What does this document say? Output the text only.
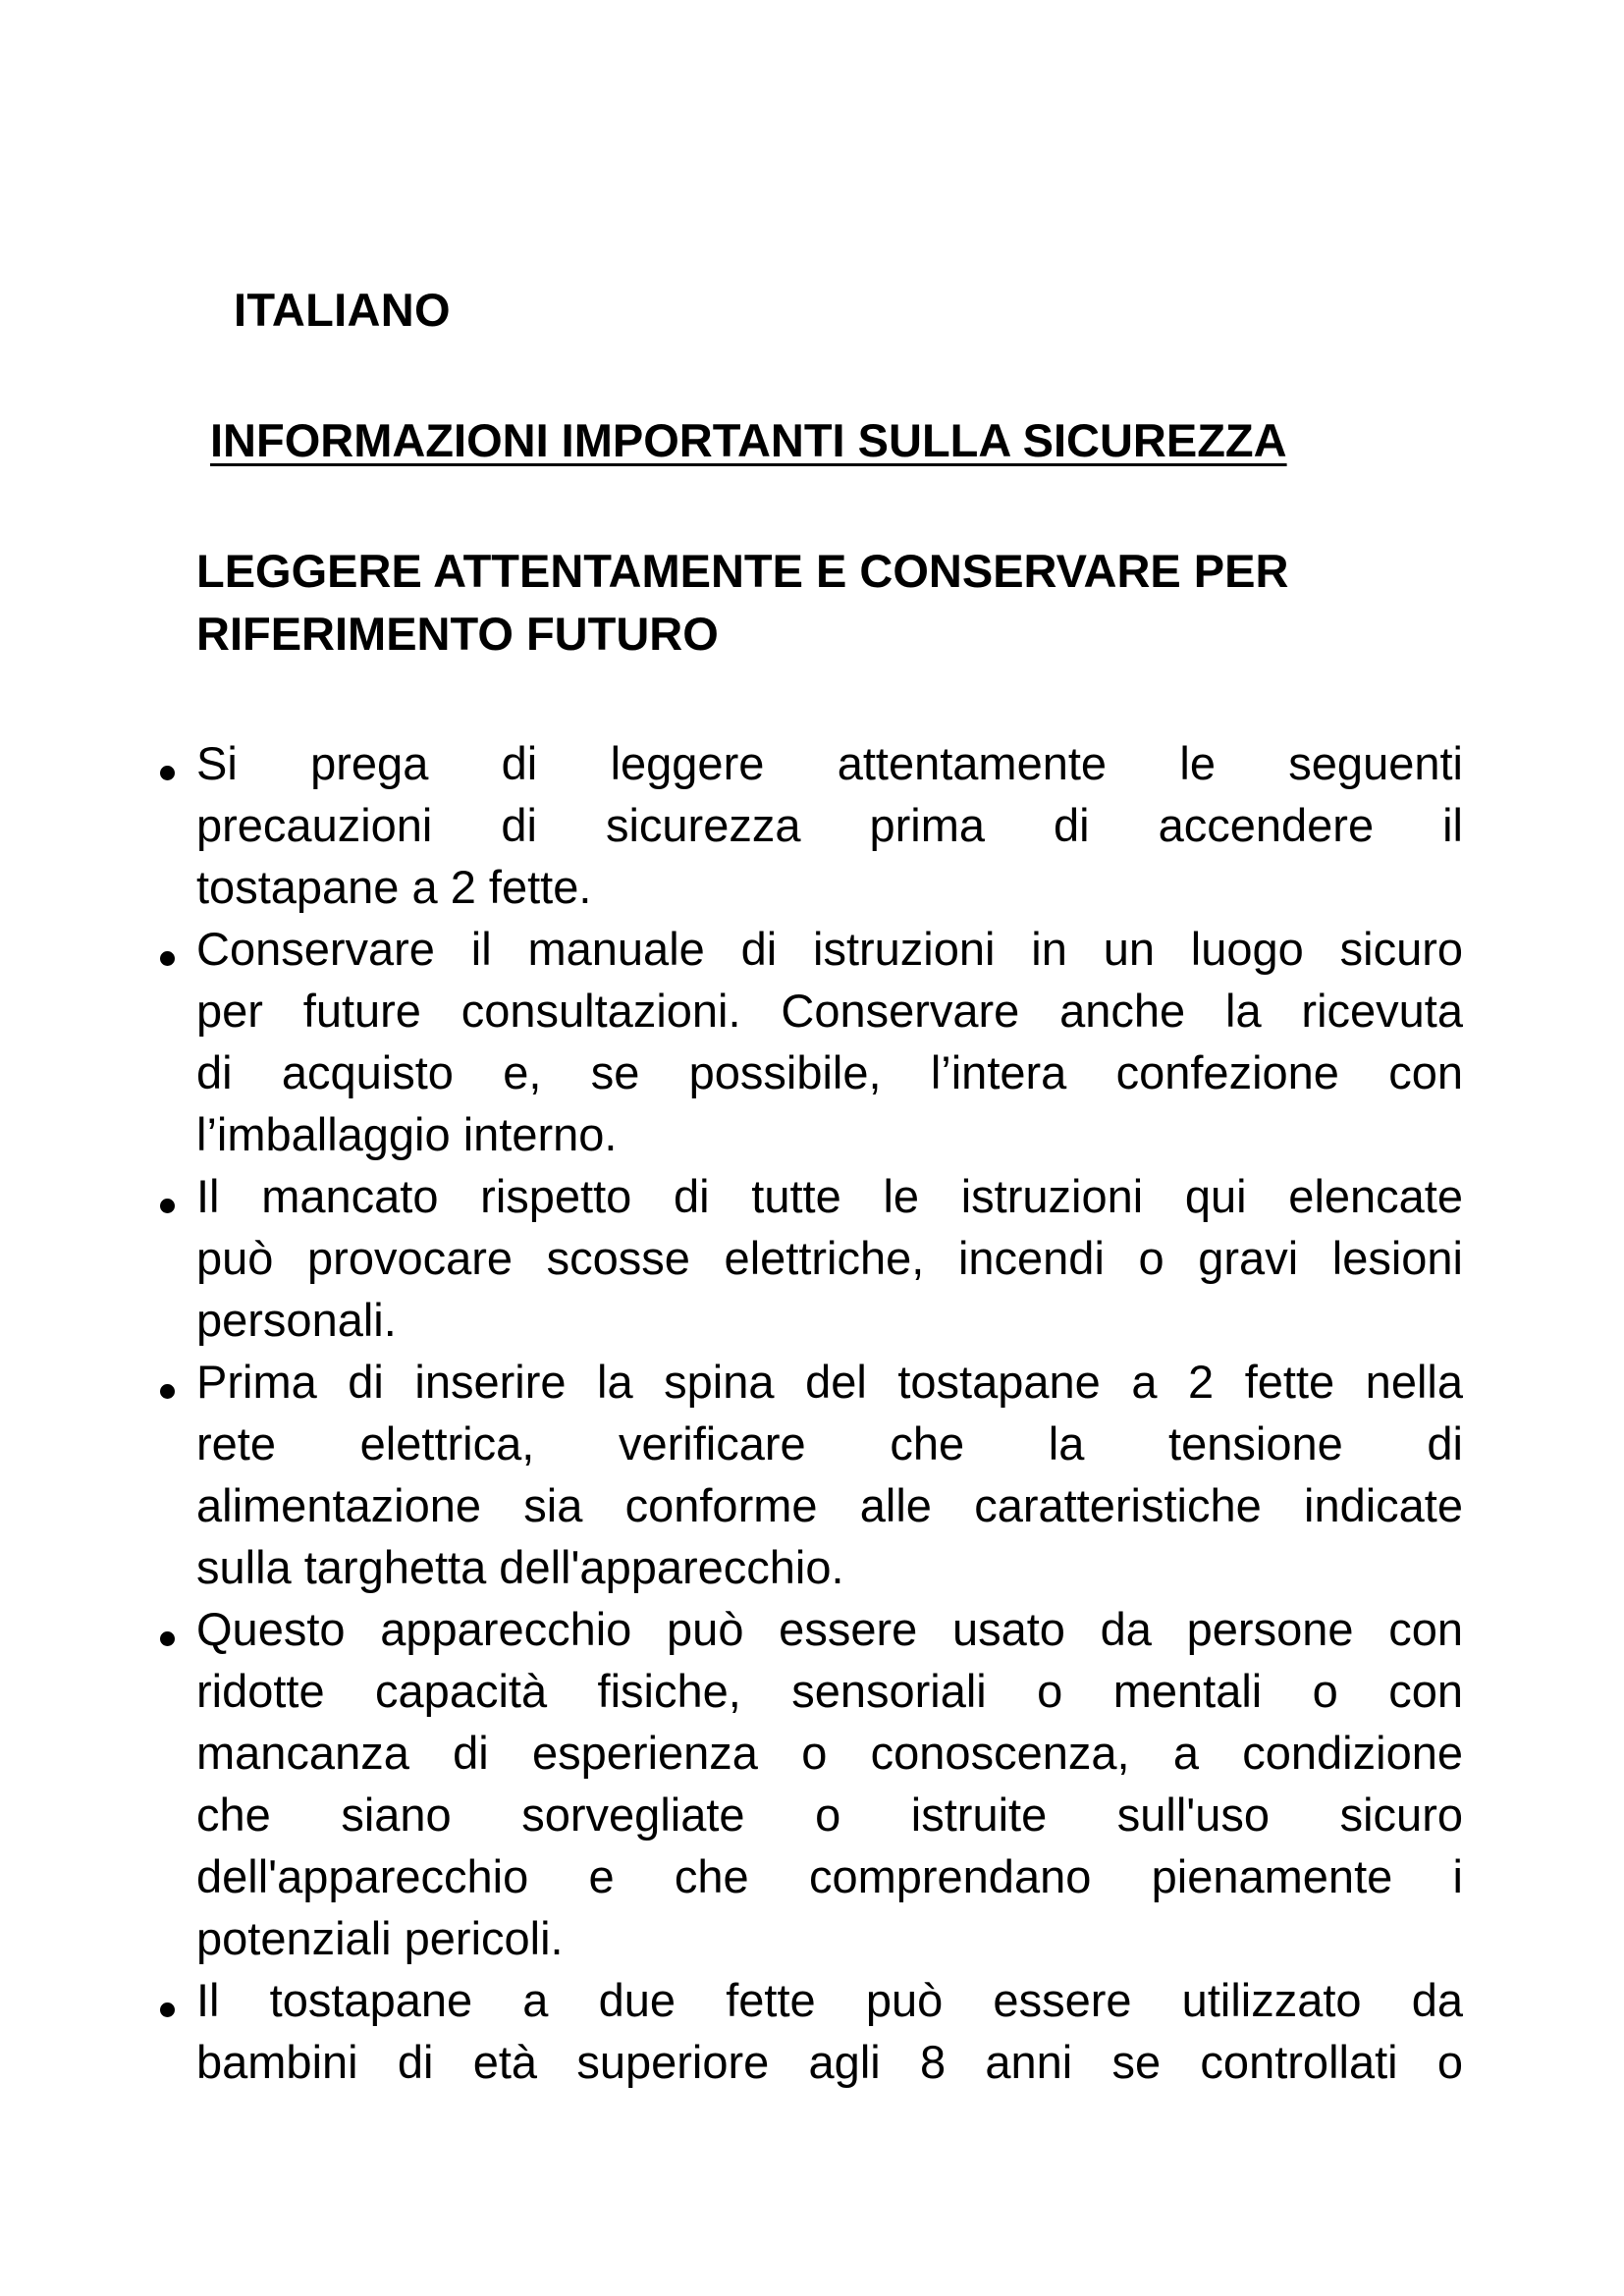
ITALIANO
INFORMAZIONI IMPORTANTI SULLA SICUREZZA
LEGGERE ATTENTAMENTE E CONSERVARE PER
RIFERIMENTO FUTURO
Si prega di leggere attentamente le seguenti
precauzioni di sicurezza prima di accendere il
tostapane a 2 fette.
Conservare il manuale di istruzioni in un luogo sicuro
per future consultazioni. Conservare anche la ricevuta
di acquisto e, se possibile, l’intera confezione con
l’imballaggio interno.
Il mancato rispetto di tutte le istruzioni qui elencate
può provocare scosse elettriche, incendi o gravi lesioni
personali.
Prima di inserire la spina del tostapane a 2 fette nella
rete elettrica, verificare che la tensione di
alimentazione sia conforme alle caratteristiche indicate
sulla targhetta dell'apparecchio.
Questo apparecchio può essere usato da persone con
ridotte capacità fisiche, sensoriali o mentali o con
mancanza di esperienza o conoscenza, a condizione
che siano sorvegliate o istruite sull'uso sicuro
dell'apparecchio e che comprendano pienamente i
potenziali pericoli.
Il tostapane a due fette può essere utilizzato da
bambini di età superiore agli 8 anni se controllati o
